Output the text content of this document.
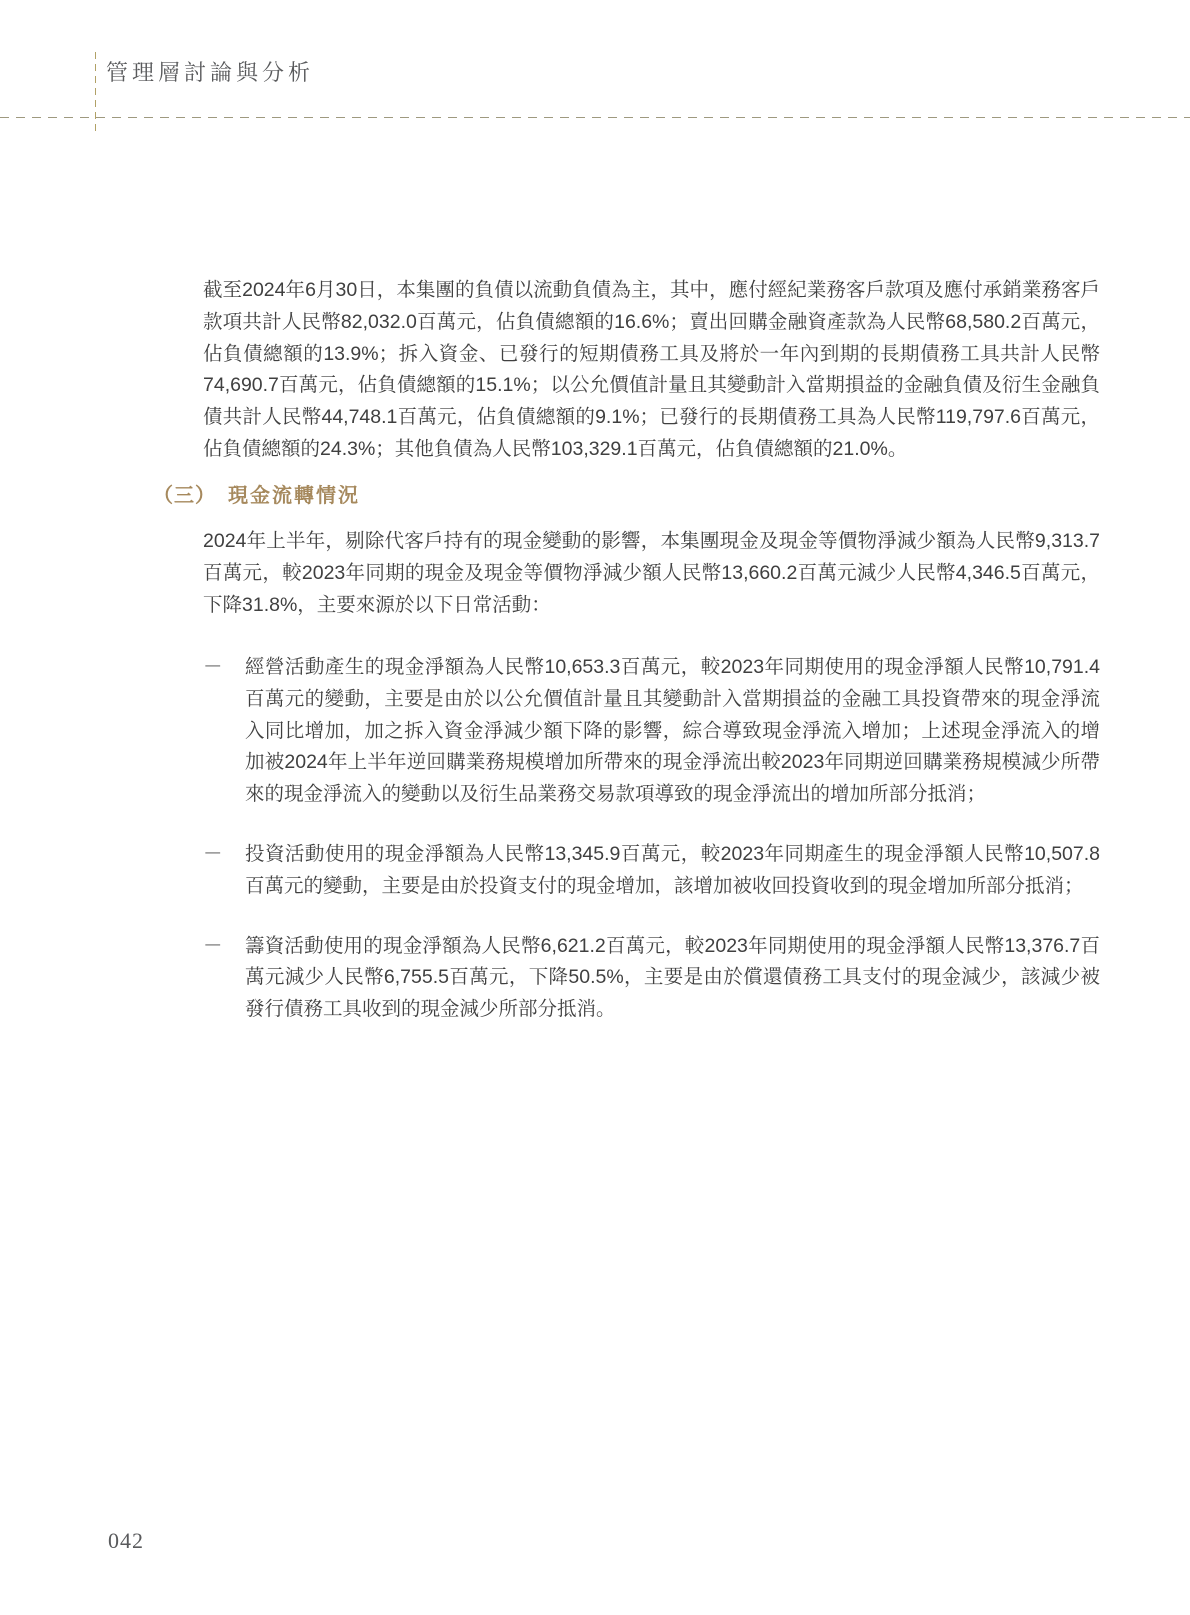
管理層討論與分析
截至2024年6月30日，本集團的負債以流動負債為主，其中，應付經紀業務客戶款項及應付承銷業務客戶款項共計人民幣82,032.0百萬元，佔負債總額的16.6%；賣出回購金融資產款為人民幣68,580.2百萬元，佔負債總額的13.9%；拆入資金、已發行的短期債務工具及將於一年內到期的長期債務工具共計人民幣74,690.7百萬元，佔負債總額的15.1%；以公允價值計量且其變動計入當期損益的金融負債及衍生金融負債共計人民幣44,748.1百萬元，佔負債總額的9.1%；已發行的長期債務工具為人民幣119,797.6百萬元，佔負債總額的24.3%；其他負債為人民幣103,329.1百萬元，佔負債總額的21.0%。
（三） 現金流轉情況
2024年上半年，剔除代客戶持有的現金變動的影響，本集團現金及現金等價物淨減少額為人民幣9,313.7百萬元，較2023年同期的現金及現金等價物淨減少額人民幣13,660.2百萬元減少人民幣4,346.5百萬元，下降31.8%，主要來源於以下日常活動：
－	經營活動產生的現金淨額為人民幣10,653.3百萬元，較2023年同期使用的現金淨額人民幣10,791.4百萬元的變動，主要是由於以公允價值計量且其變動計入當期損益的金融工具投資帶來的現金淨流入同比增加，加之拆入資金淨減少額下降的影響，綜合導致現金淨流入增加；上述現金淨流入的增加被2024年上半年逆回購業務規模增加所帶來的現金淨流出較2023年同期逆回購業務規模減少所帶來的現金淨流入的變動以及衍生品業務交易款項導致的現金淨流出的增加所部分抵消；
－	投資活動使用的現金淨額為人民幣13,345.9百萬元，較2023年同期產生的現金淨額人民幣10,507.8百萬元的變動，主要是由於投資支付的現金增加，該增加被收回投資收到的現金增加所部分抵消；
－	籌資活動使用的現金淨額為人民幣6,621.2百萬元，較2023年同期使用的現金淨額人民幣13,376.7百萬元減少人民幣6,755.5百萬元，下降50.5%，主要是由於償還債務工具支付的現金減少，該減少被發行債務工具收到的現金減少所部分抵消。
042
